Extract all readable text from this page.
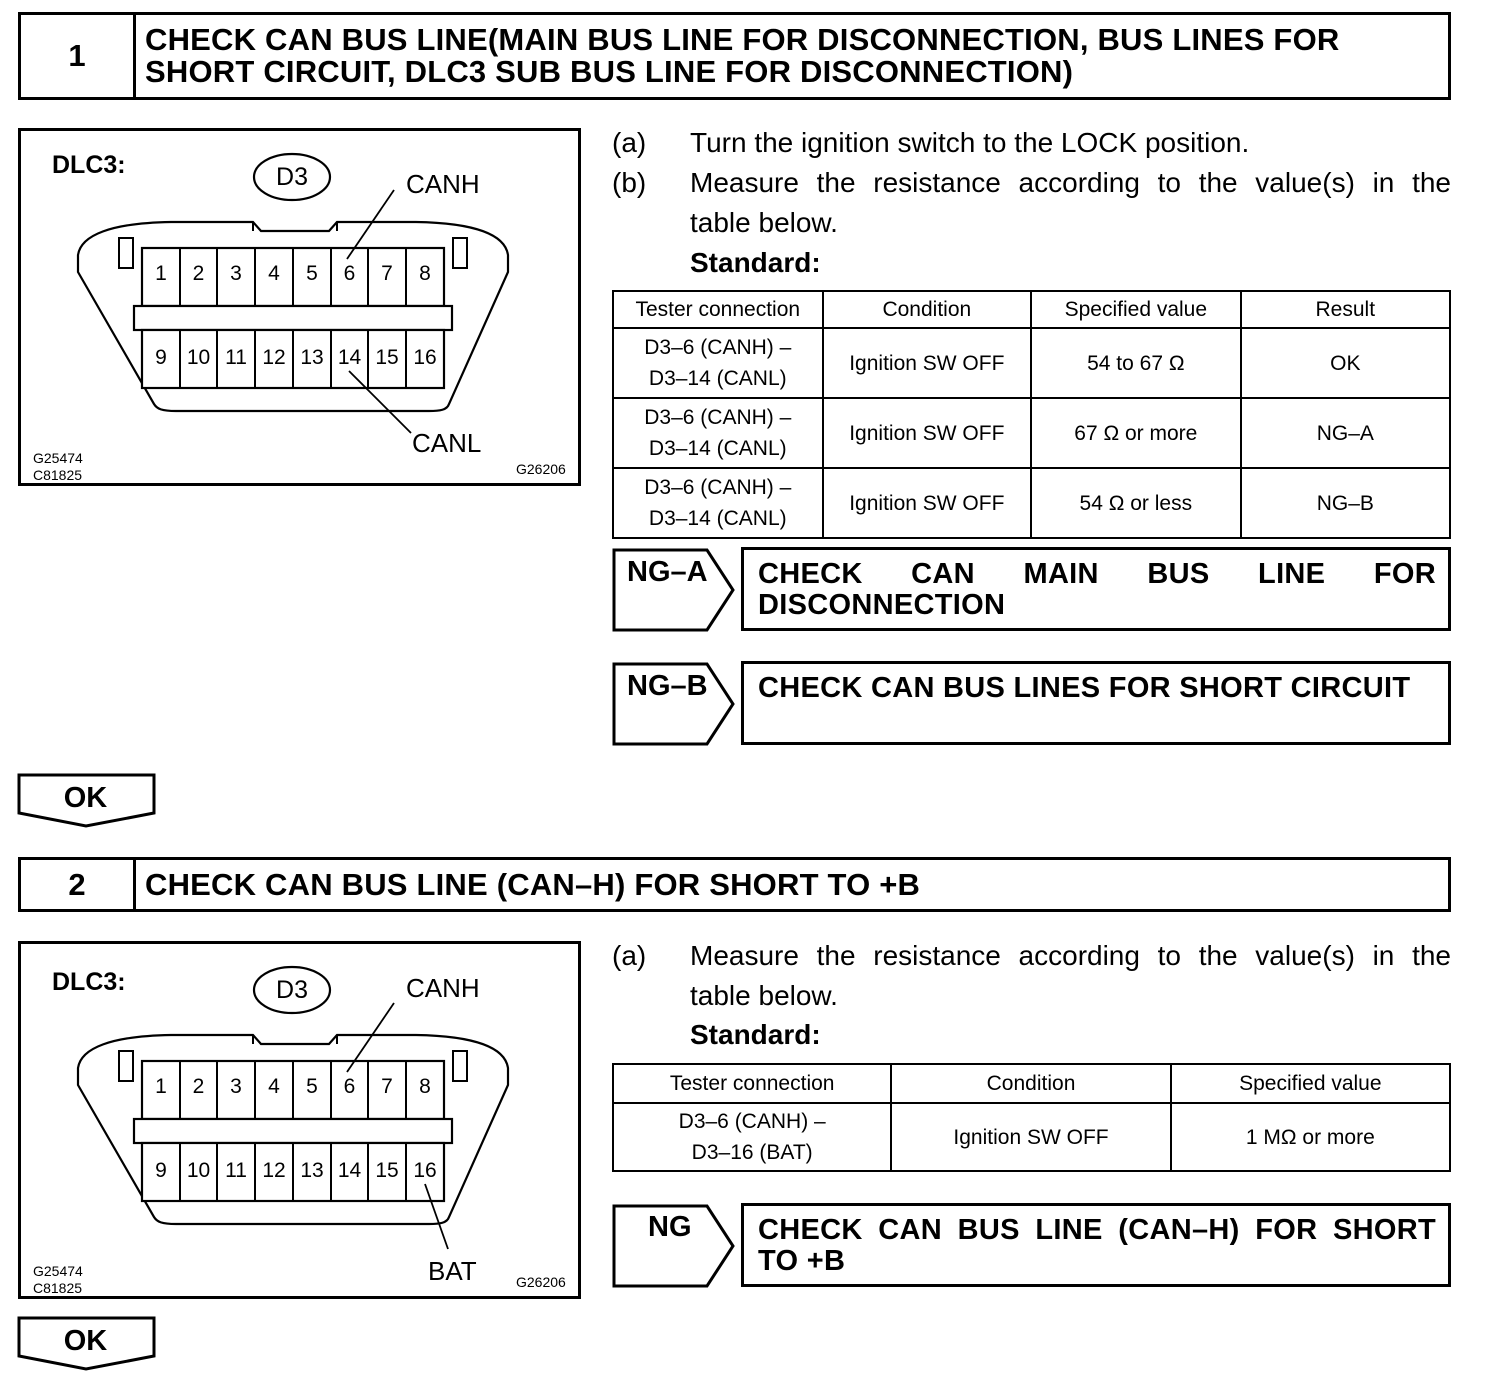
1	CHECK CAN BUS LINE(MAIN BUS LINE FOR DISCONNECTION, BUS LINES FOR
SHORT CIRCUIT, DLC3 SUB BUS LINE FOR DISCONNECTION)
DLC3:	D3	CANH
CANL
G25474
C81825	G26206
1	2	3	4	5	6	7	8
9 10 11 12 13 14 15 16
(a) Turn the ignition switch to the LOCK position.
(b) Measure the resistance according to the value(s) in the
table below.
Standard:
Tester connection	Condition	Specified value	Result

D3–6 (CANH) –
D3–14 (CANL)	Ignition SW OFF	54 to 67 Ω	OK

D3–6 (CANH) –
D3–14 (CANL)	Ignition SW OFF	67 Ω or more	NG–A

D3–6 (CANH) –
D3–14 (CANL)	Ignition SW OFF	54 Ω or less	NG–B
NG–A CHECK CAN MAIN BUS LINE FOR
DISCONNECTION
NG–B CHECK CAN BUS LINES FOR SHORT CIRCUIT
OK
2	CHECK CAN BUS LINE (CAN–H) FOR SHORT TO +B
DLC3:	D3	CANH
BAT
G25474
C81825	G26206
1	2	3	4	5	6	7	8
9 10 11 12 13 14 15 16
(a) Measure the resistance according to the value(s) in the
table below.
Standard:
Tester connection	Condition	Specified value

D3–6 (CANH) –
D3–16 (BAT)	Ignition SW OFF	1 MΩ or more
NG CHECK CAN BUS LINE (CAN–H) FOR SHORT
TO +B
OK
